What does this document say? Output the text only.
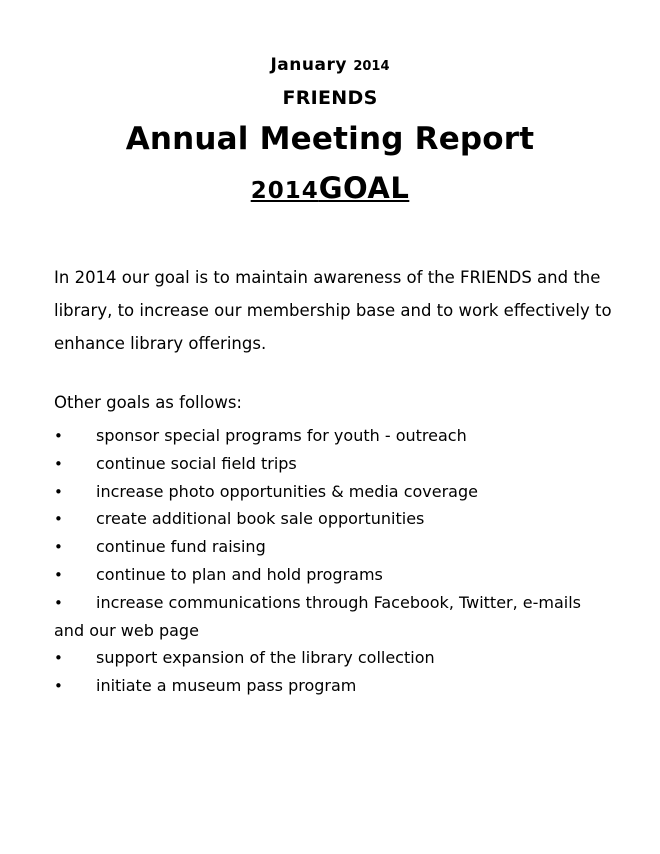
January 2014
FRIENDS
Annual Meeting Report
2014GOAL
In 2014 our goal is to maintain awareness of the FRIENDS and the library, to increase our membership base and to work effectively to enhance library offerings.
Other goals as follows:
• sponsor special programs for youth - outreach
• continue social field trips
• increase photo opportunities & media coverage
• create additional book sale opportunities
• continue fund raising
• continue to plan and hold programs
• increase communications through Facebook, Twitter, e-mails and our web page
• support expansion of the library collection
• initiate a museum pass program
